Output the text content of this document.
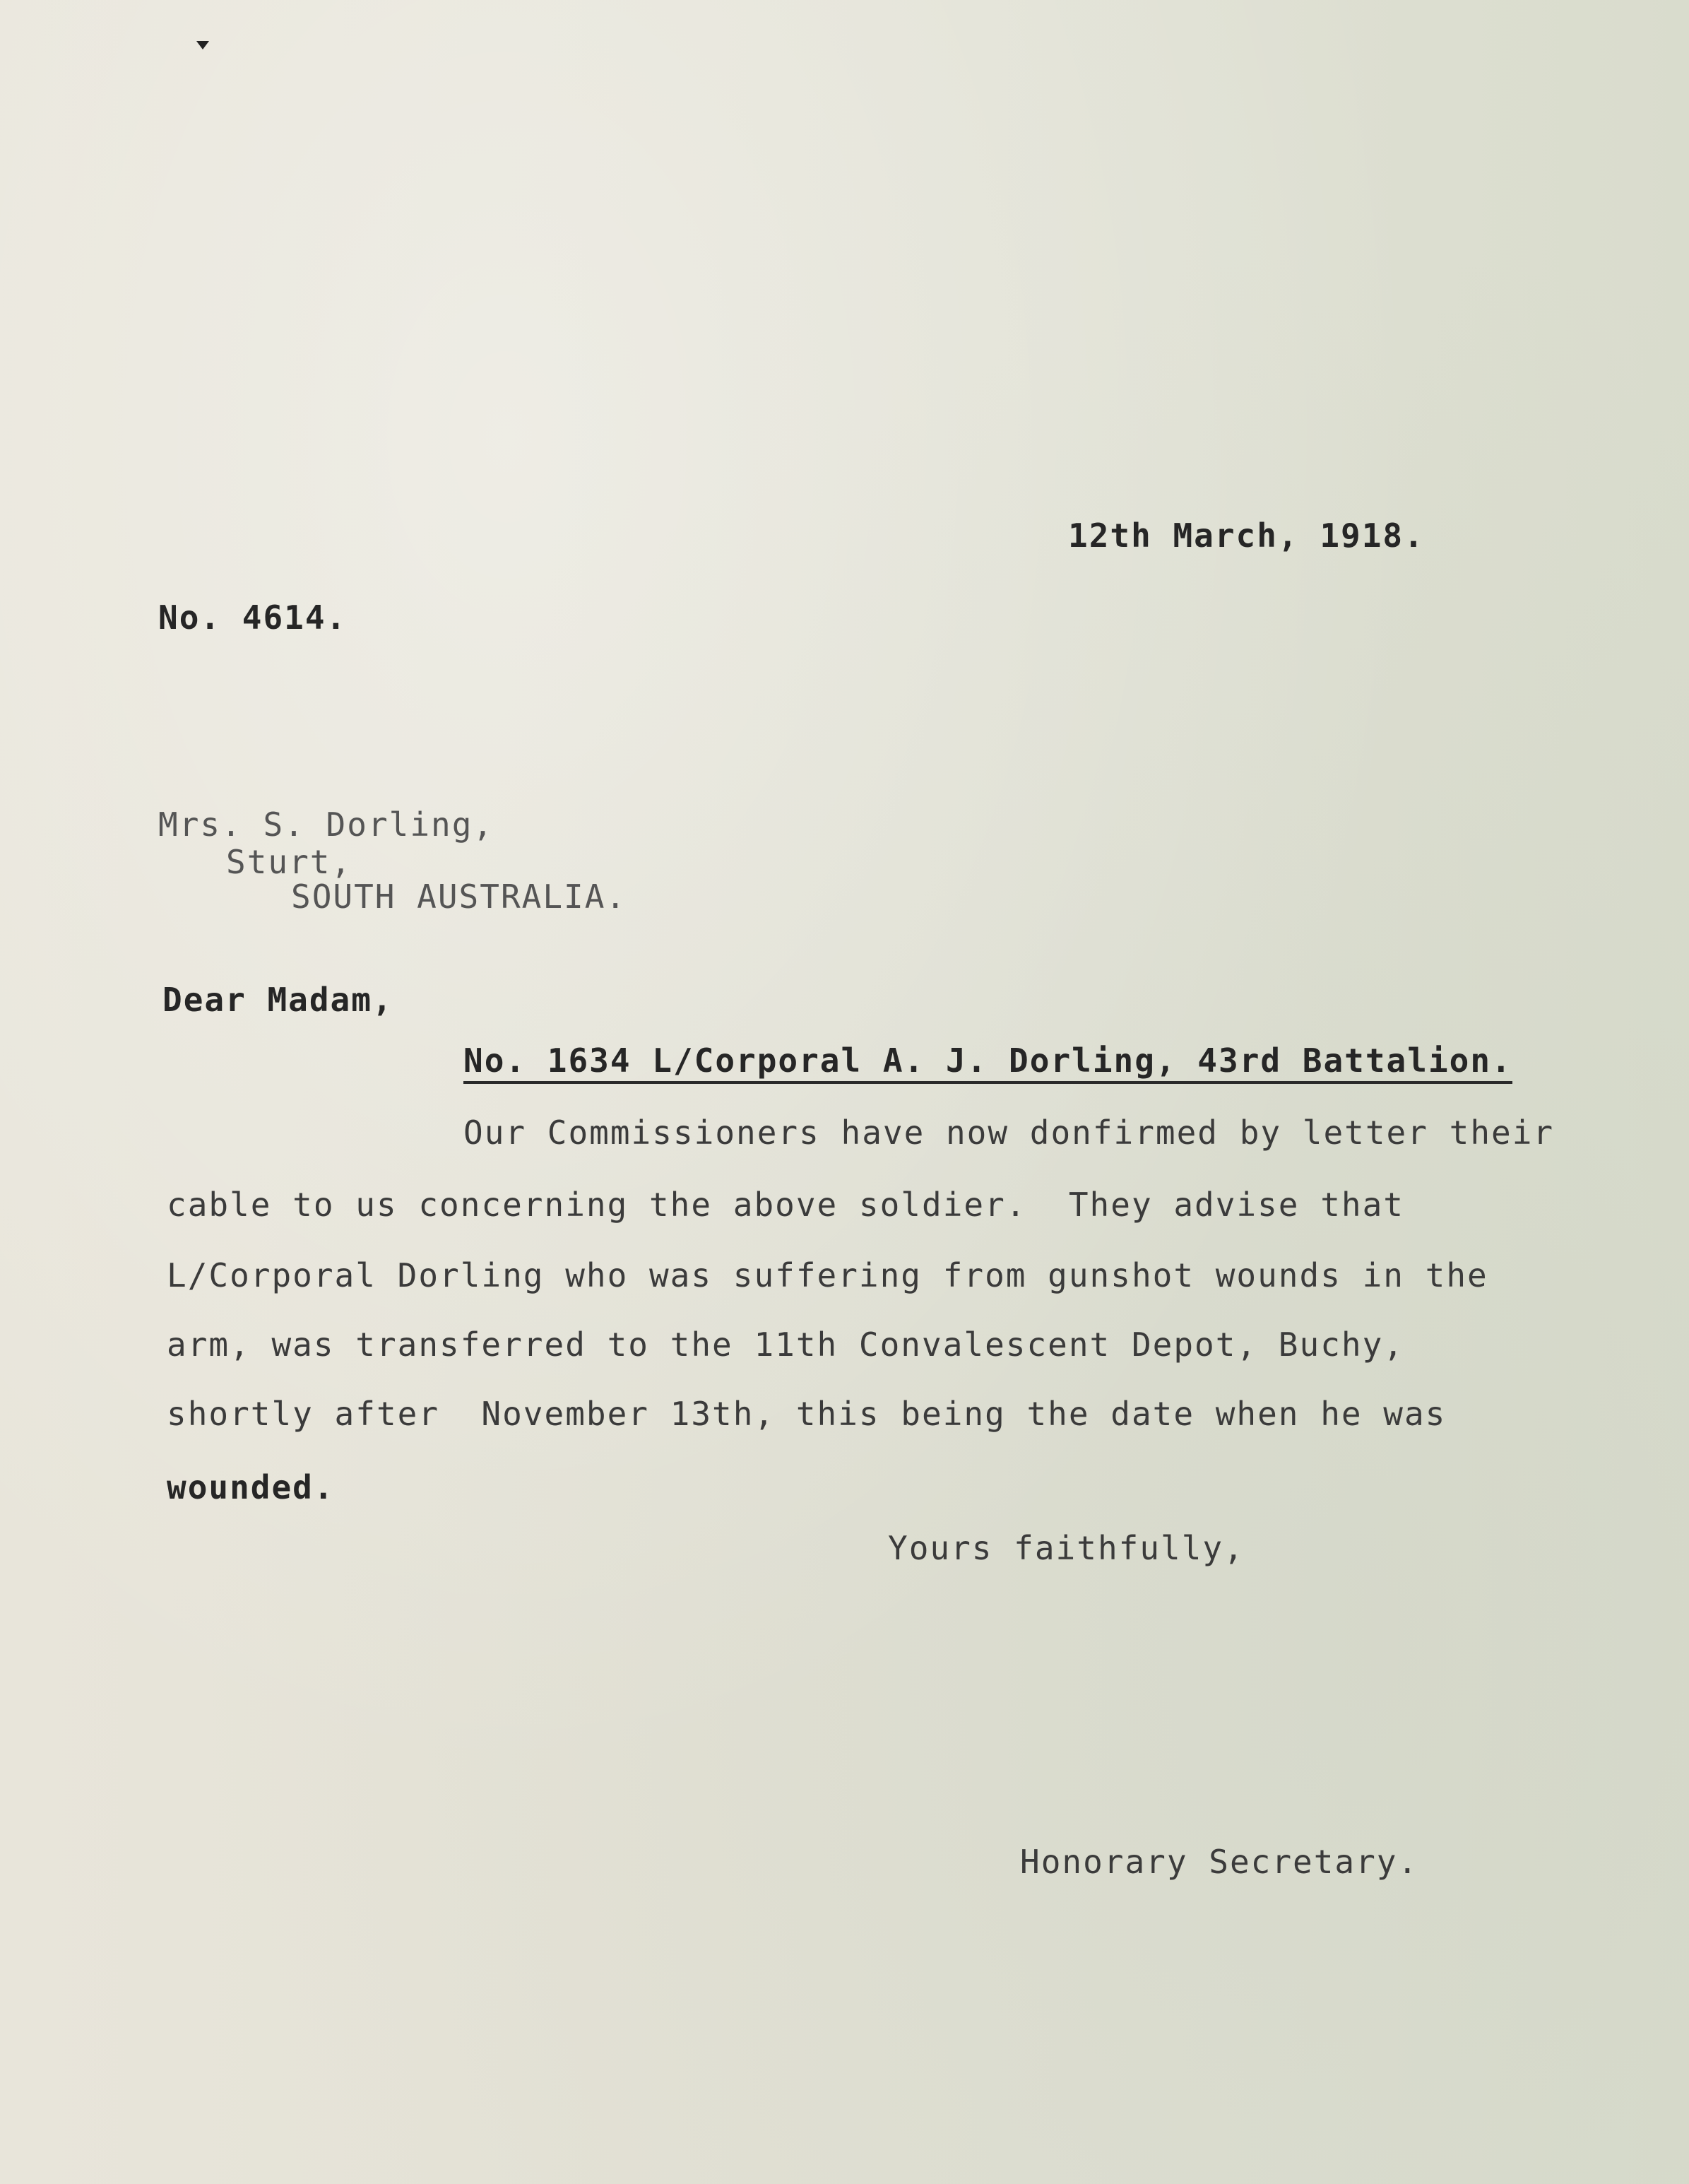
12th March, 1918.
No. 4614.
Mrs. S. Dorling,
Sturt,
SOUTH AUSTRALIA.
Dear Madam,
No. 1634 L/Corporal A. J. Dorling, 43rd Battalion.
Our Commissioners have now donfirmed by letter their
cable to us concerning the above soldier.  They advise that
L/Corporal Dorling who was suffering from gunshot wounds in the
arm, was transferred to the 11th Convalescent Depot, Buchy,
shortly after  November 13th, this being the date when he was
wounded.
Yours faithfully,
Honorary Secretary.
